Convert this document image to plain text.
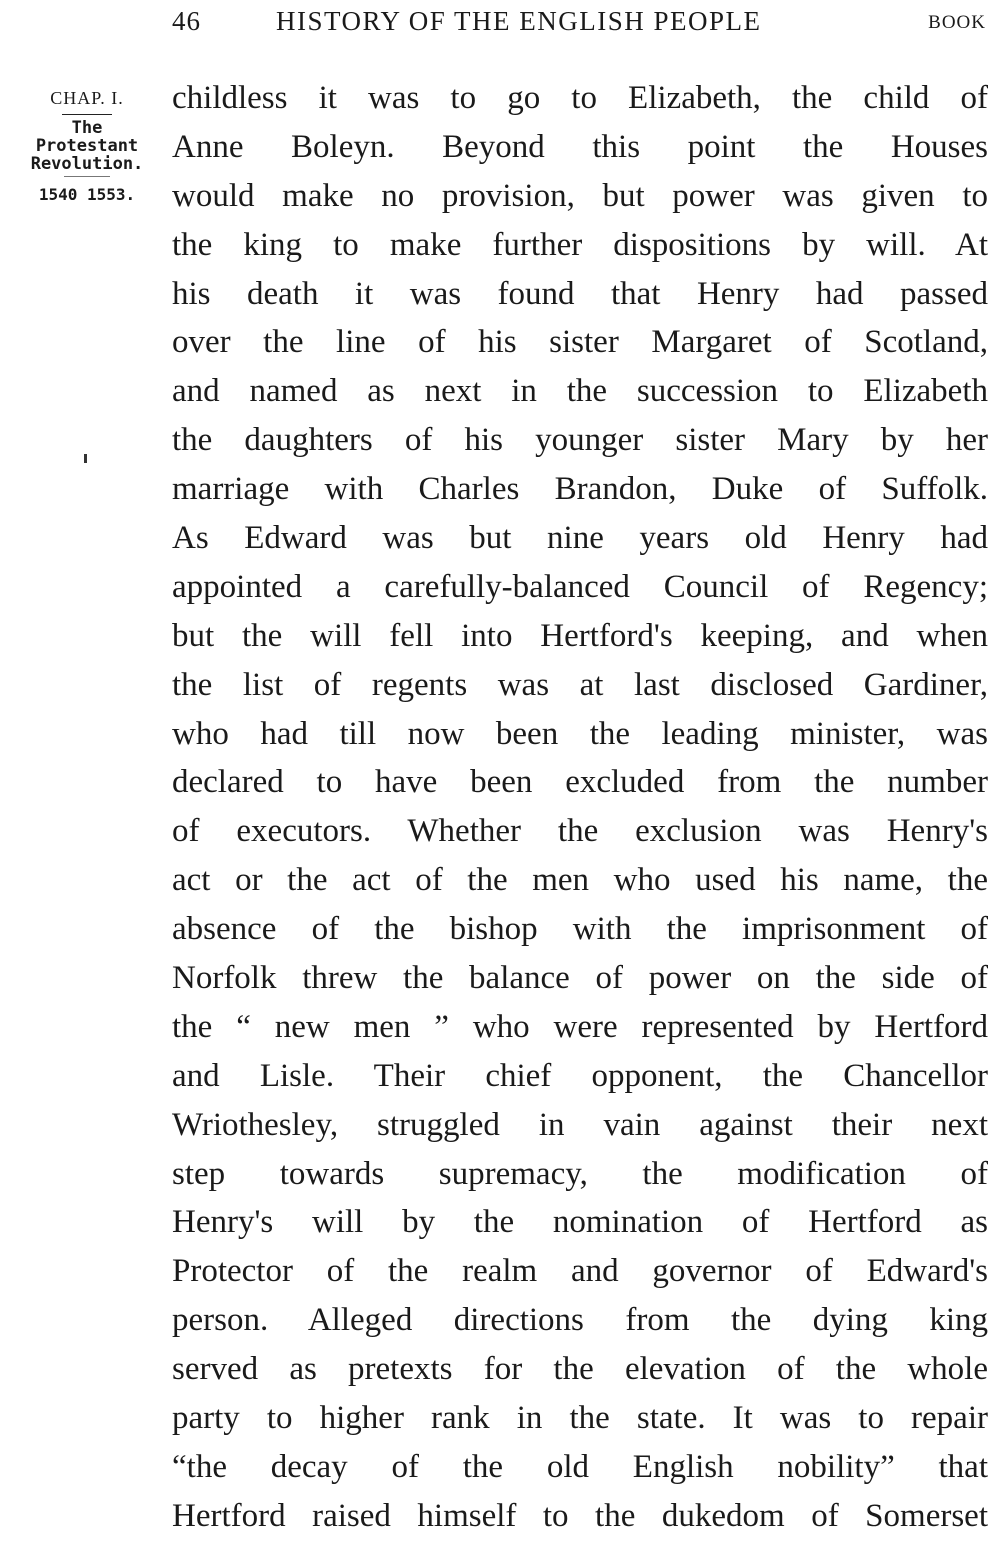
46	HISTORY OF THE ENGLISH PEOPLE	BOOK
CHAP. I.
The
Protestant
Revolution.
1540 1553.
childless it was to go to Elizabeth, the child of
Anne Boleyn. Beyond this point the Houses
would make no provision, but power was given to
the king to make further dispositions by will. At
his death it was found that Henry had passed
over the line of his sister Margaret of Scotland,
and named as next in the succession to Elizabeth
the daughters of his younger sister Mary by her
marriage with Charles Brandon, Duke of Suffolk.
As Edward was but nine years old Henry had
appointed a carefully-balanced Council of Regency;
but the will fell into Hertford's keeping, and when
the list of regents was at last disclosed Gardiner,
who had till now been the leading minister, was
declared to have been excluded from the number
of executors. Whether the exclusion was Henry's
act or the act of the men who used his name, the
absence of the bishop with the imprisonment of
Norfolk threw the balance of power on the side of
the “ new men ” who were represented by Hertford
and Lisle. Their chief opponent, the Chancellor
Wriothesley, struggled in vain against their next
step towards supremacy, the modification of
Henry's will by the nomination of Hertford as
Protector of the realm and governor of Edward's
person. Alleged directions from the dying king
served as pretexts for the elevation of the whole
party to higher rank in the state. It was to repair
“the decay of the old English nobility” that
Hertford raised himself to the dukedom of Somerset
